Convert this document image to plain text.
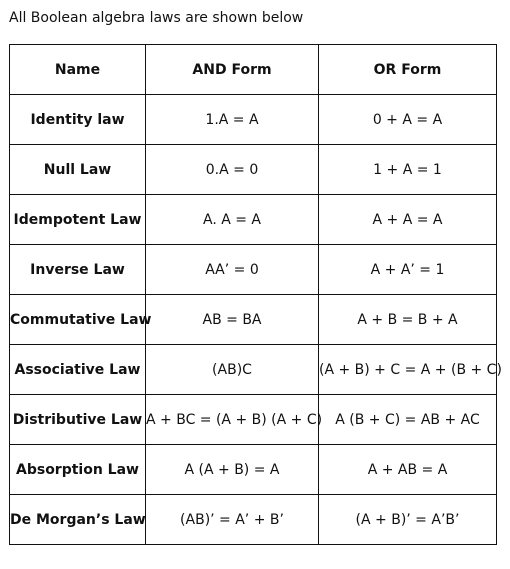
All Boolean algebra laws are shown below
Name	AND Form	OR Form
Identity law	1.A = A	0 + A = A
Null Law	0.A = 0	1 + A = 1
Idempotent Law	A. A = A	A + A = A
Inverse Law	AA’ = 0	A + A’ = 1
Commutative Law	AB = BA	A + B = B + A
Associative Law	(AB)C	(A + B) + C = A + (B + C)
Distributive Law	A + BC = (A + B) (A + C)	A (B + C) = AB + AC
Absorption Law	A (A + B) = A	A + AB = A
De Morgan’s Law	(AB)’ = A’ + B’	(A + B)’ = A’B’
